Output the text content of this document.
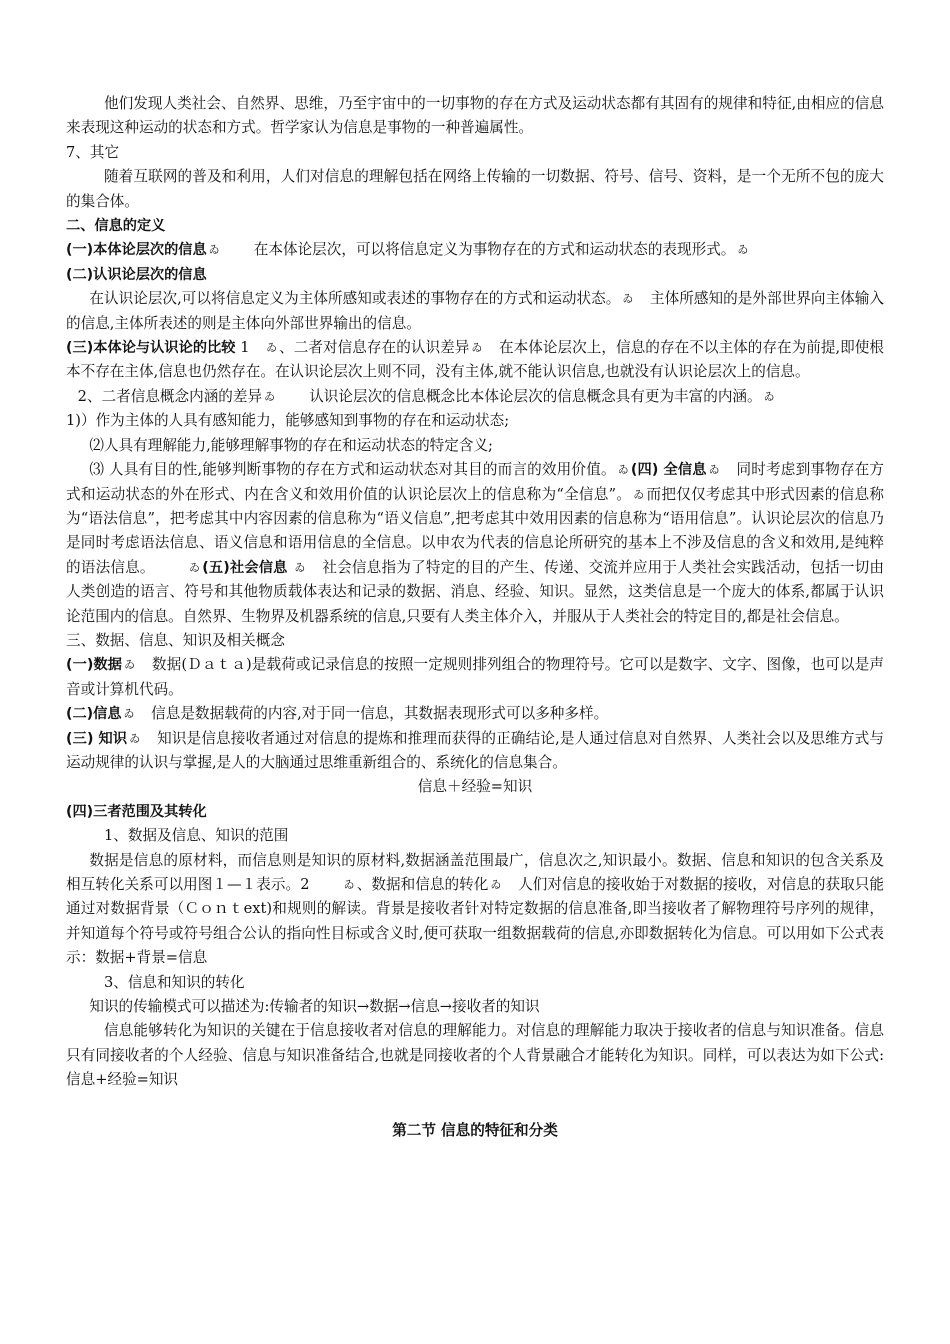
他们发现人类社会、自然界、思维，乃至宇宙中的一切事物的存在方式及运动状态都有其固有的规律和特征,由相应的信息来表现这种运动的状态和方式。哲学家认为信息是事物的一种普遍属性。

7、其它

随着互联网的普及和利用，人们对信息的理解包括在网络上传输的一切数据、符号、信号、资料，是一个无所不包的庞大的集合体。

二、信息的定义

(一)本体论层次的信息 ゐ 在本体论层次，可以将信息定义为事物存在的方式和运动状态的表现形式。 ゐ

(二)认识论层次的信息

在认识论层次,可以将信息定义为主体所感知或表述的事物存在的方式和运动状态。 ゐ 主体所感知的是外部世界向主体输入的信息,主体所表述的则是主体向外部世界输出的信息。

(三)本体论与认识论的比较 1 ゐ 、二者对信息存在的认识差异 ゐ 在本体论层次上，信息的存在不以主体的存在为前提,即使根本不存在主体,信息也仍然存在。在认识论层次上则不同，没有主体,就不能认识信息,也就没有认识论层次上的信息。

2、二者信息概念内涵的差异 ゐ 认识论层次的信息概念比本体论层次的信息概念具有更为丰富的内涵。 ゐ

1)）作为主体的人具有感知能力，能够感知到事物的存在和运动状态;

⑵人具有理解能力,能够理解事物的存在和运动状态的特定含义;

⑶ 人具有目的性,能够判断事物的存在方式和运动状态对其目的而言的效用价值。 ゐ (四) 全信息 ゐ 同时考虑到事物存在方式和运动状态的外在形式、内在含义和效用价值的认识论层次上的信息称为“全信息”。 ゐ 而把仅仅考虑其中形式因素的信息称为“语法信息”，把考虑其中内容因素的信息称为“语义信息”,把考虑其中效用因素的信息称为“语用信息”。认识论层次的信息乃是同时考虑语法信息、语义信息和语用信息的全信息。以申农为代表的信息论所研究的基本上不涉及信息的含义和效用,是纯粹的语法信息。	ゐ (五)社会信息 ゐ 社会信息指为了特定的目的产生、传递、交流并应用于人类社会实践活动，包括一切由人类创造的语言、符号和其他物质载体表达和记录的数据、消息、经验、知识。显然，这类信息是一个庞大的体系,都属于认识论范围内的信息。自然界、生物界及机器系统的信息,只要有人类主体介入，并服从于人类社会的特定目的,都是社会信息。

三、数据、信息、知识及相关概念

(一)数据 ゐ 数据(Ｄａｔａ)是载荷或记录信息的按照一定规则排列组合的物理符号。它可以是数字、文字、图像，也可以是声音或计算机代码。

(二)信息 ゐ 信息是数据载荷的内容,对于同一信息，其数据表现形式可以多种多样。

(三) 知识 ゐ 知识是信息接收者通过对信息的提炼和推理而获得的正确结论,是人通过信息对自然界、人类社会以及思维方式与运动规律的认识与掌握,是人的大脑通过思维重新组合的、系统化的信息集合。

信息＋经验=知识

(四)三者范围及其转化

1、数据及信息、知识的范围

数据是信息的原材料，而信息则是知识的原材料,数据涵盖范围最广，信息次之,知识最小。数据、信息和知识的包含关系及相互转化关系可以用图１—１表示。2	ゐ 、数据和信息的转化 ゐ 人们对信息的接收始于对数据的接收，对信息的获取只能通过对数据背景（Ｃｏｎｔext)和规则的解读。背景是接收者针对特定数据的信息准备,即当接收者了解物理符号序列的规律，并知道每个符号或符号组合公认的指向性目标或含义时,便可获取一组数据载荷的信息,亦即数据转化为信息。可以用如下公式表示：数据+背景=信息

3、信息和知识的转化

知识的传输模式可以描述为:传输者的知识→数据→信息→接收者的知识

信息能够转化为知识的关键在于信息接收者对信息的理解能力。对信息的理解能力取决于接收者的信息与知识准备。信息只有同接收者的个人经验、信息与知识准备结合,也就是同接收者的个人背景融合才能转化为知识。同样，可以表达为如下公式:信息+经验=知识

第二节 信息的特征和分类
